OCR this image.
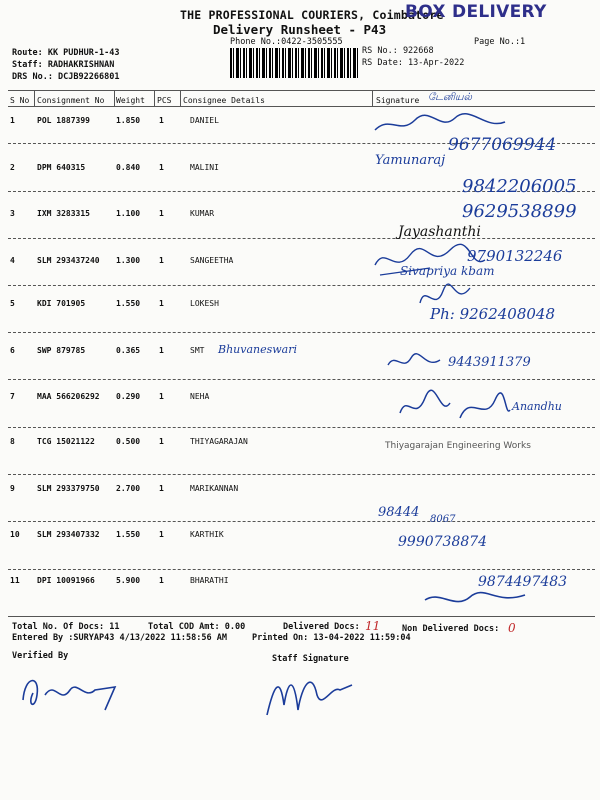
THE PROFESSIONAL COURIERS, Coimbatore
Delivery Runsheet - P43
Phone No.:0422-3505555
BOX DELIVERY
Page No.:1
Route: KK PUDHUR-1-43
Staff: RADHAKRISHNAN
DRS No.: DCJB92266801
RS No.: 922668
RS Date: 13-Apr-2022
S No Consignment No Weight PCS Consignee Details	Signature
1	POL 1887399	1.850 1	DANIEL
2	DPM 640315	0.840 1	MALINI
3	IXM 3283315	1.100 1	KUMAR
4	SLM 293437240 1.300 1	SANGEETHA
5	KDI 701905	1.550 1	LOKESH
6	SWP 879785	0.365 1	SMT
7	MAA 566206292 0.290 1	NEHA
8	TCG 15021122	0.500 1	THIYAGARAJAN
9	SLM 293379750 2.700 1	MARIKANNAN
10 SLM 293407332 1.550 1	KARTHIK
11 DPI 10091966	5.900 1	BHARATHI
டேனியல்
9677069944
Yamunaraj
9842206005
9629538899
Jayashanthi
9790132246
Sivapriya kbam
Ph: 9262408048
Bhuvaneswari
9443911379
Anandhu
Thiyagarajan Engineering Works
98444 8067
9990738874
9874497483
Total No. Of Docs: 11	Total COD Amt: 0.00	Delivered Docs: 11	Non Delivered Docs: 0
Entered By :SURYAP43 4/13/2022 11:58:56 AM	Printed On: 13-04-2022 11:59:04
Verified By	Staff Signature
